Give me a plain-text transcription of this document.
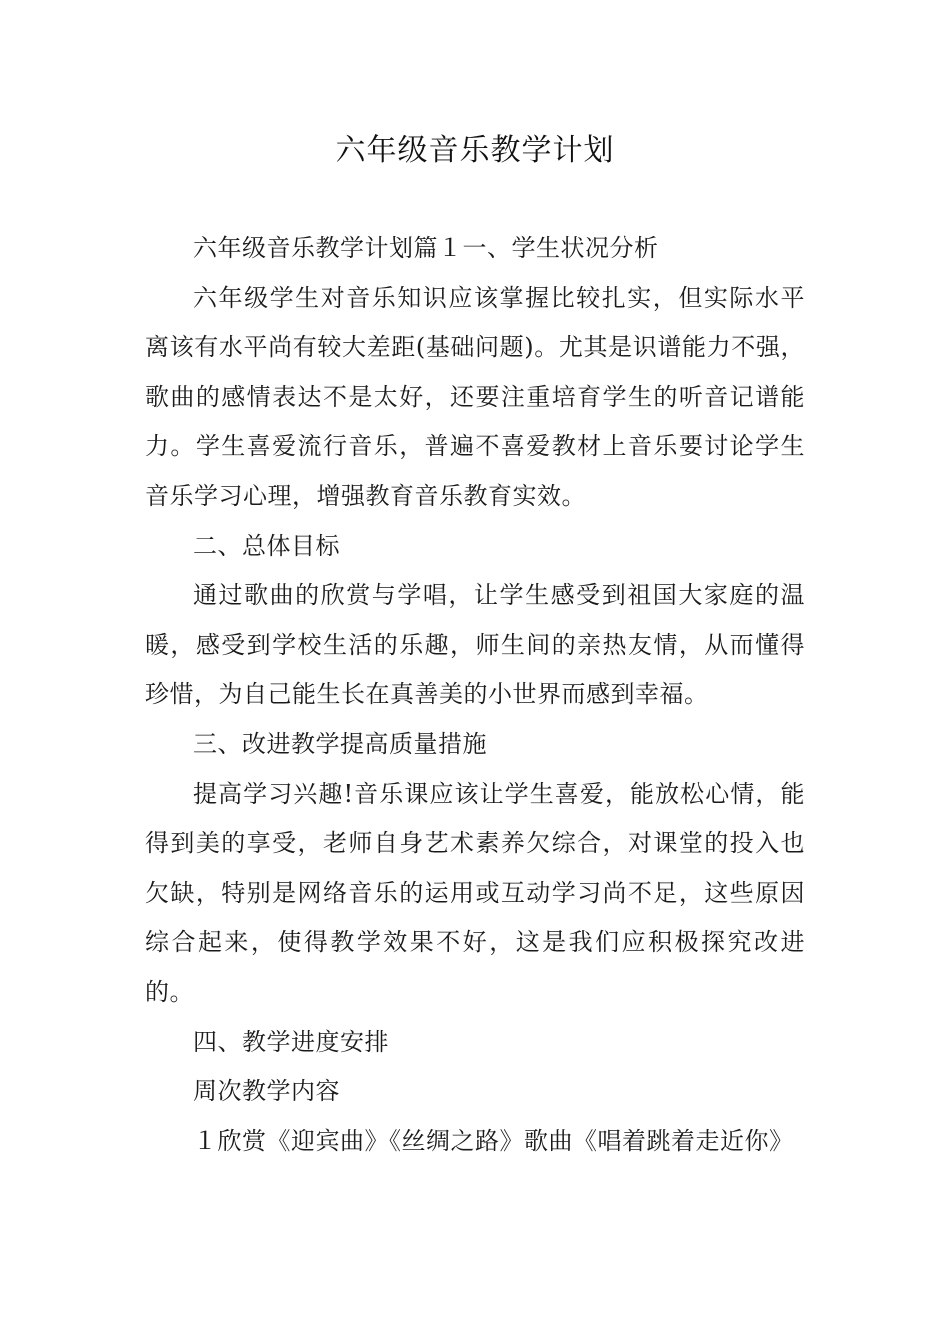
六年级音乐教学计划

六年级音乐教学计划篇１一、学生状况分析

六年级学生对音乐知识应该掌握比较扎实，但实际水平离该有水平尚有较大差距(基础问题)。尤其是识谱能力不强，歌曲的感情表达不是太好，还要注重培育学生的听音记谱能力。学生喜爱流行音乐，普遍不喜爱教材上音乐要讨论学生音乐学习心理，增强教育音乐教育实效。

二、总体目标

通过歌曲的欣赏与学唱，让学生感受到祖国大家庭的温暖，感受到学校生活的乐趣，师生间的亲热友情，从而懂得珍惜，为自己能生长在真善美的小世界而感到幸福。

三、改进教学提高质量措施

提高学习兴趣!音乐课应该让学生喜爱，能放松心情，能得到美的享受，老师自身艺术素养欠综合，对课堂的投入也欠缺，特别是网络音乐的运用或互动学习尚不足，这些原因综合起来，使得教学效果不好，这是我们应积极探究改进的。

四、教学进度安排

周次教学内容

１欣赏《迎宾曲》《丝绸之路》歌曲《唱着跳着走近你》
